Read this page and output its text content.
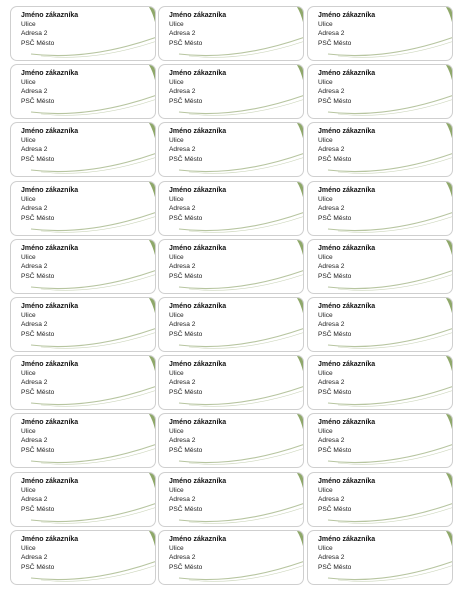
Jméno zákazníka
Ulice
Adresa 2
PSČ Město
Jméno zákazníka
Ulice
Adresa 2
PSČ Město
Jméno zákazníka
Ulice
Adresa 2
PSČ Město
Jméno zákazníka
Ulice
Adresa 2
PSČ Město
Jméno zákazníka
Ulice
Adresa 2
PSČ Město
Jméno zákazníka
Ulice
Adresa 2
PSČ Město
Jméno zákazníka
Ulice
Adresa 2
PSČ Město
Jméno zákazníka
Ulice
Adresa 2
PSČ Město
Jméno zákazníka
Ulice
Adresa 2
PSČ Město
Jméno zákazníka
Ulice
Adresa 2
PSČ Město
Jméno zákazníka
Ulice
Adresa 2
PSČ Město
Jméno zákazníka
Ulice
Adresa 2
PSČ Město
Jméno zákazníka
Ulice
Adresa 2
PSČ Město
Jméno zákazníka
Ulice
Adresa 2
PSČ Město
Jméno zákazníka
Ulice
Adresa 2
PSČ Město
Jméno zákazníka
Ulice
Adresa 2
PSČ Město
Jméno zákazníka
Ulice
Adresa 2
PSČ Město
Jméno zákazníka
Ulice
Adresa 2
PSČ Město
Jméno zákazníka
Ulice
Adresa 2
PSČ Město
Jméno zákazníka
Ulice
Adresa 2
PSČ Město
Jméno zákazníka
Ulice
Adresa 2
PSČ Město
Jméno zákazníka
Ulice
Adresa 2
PSČ Město
Jméno zákazníka
Ulice
Adresa 2
PSČ Město
Jméno zákazníka
Ulice
Adresa 2
PSČ Město
Jméno zákazníka
Ulice
Adresa 2
PSČ Město
Jméno zákazníka
Ulice
Adresa 2
PSČ Město
Jméno zákazníka
Ulice
Adresa 2
PSČ Město
Jméno zákazníka
Ulice
Adresa 2
PSČ Město
Jméno zákazníka
Ulice
Adresa 2
PSČ Město
Jméno zákazníka
Ulice
Adresa 2
PSČ Město
